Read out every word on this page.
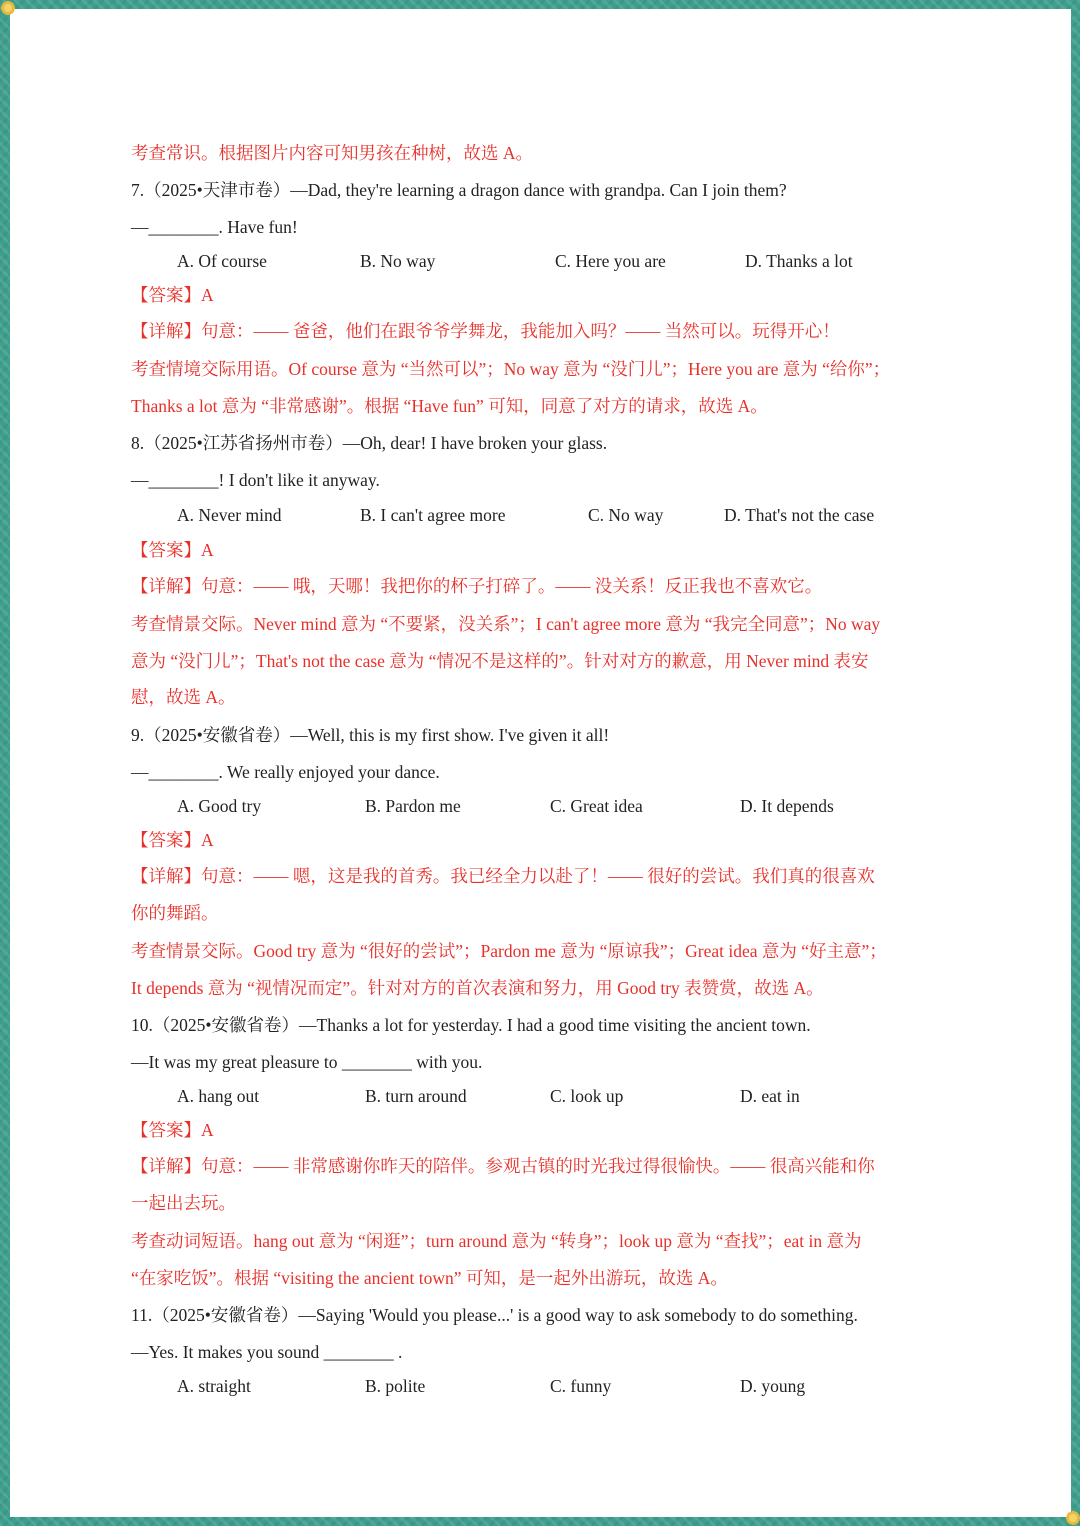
考查常识。根据图片内容可知男孩在种树，故选 A。
7.（2025•天津市卷）—Dad, they're learning a dragon dance with grandpa. Can I join them?
—________. Have fun!
A. Of course	B. No way	C. Here you are	D. Thanks a lot
【答案】A
【详解】句意：—— 爸爸，他们在跟爷爷学舞龙，我能加入吗？—— 当然可以。玩得开心！
考查情境交际用语。Of course 意为 “当然可以”；No way 意为 “没门儿”；Here you are 意为 “给你”；
Thanks a lot 意为 “非常感谢”。根据 “Have fun” 可知，同意了对方的请求，故选 A。
8.（2025•江苏省扬州市卷）—Oh, dear! I have broken your glass.
—________! I don't like it anyway.
A. Never mind	B. I can't agree more	C. No way	D. That's not the case
【答案】A
【详解】句意：—— 哦，天哪！我把你的杯子打碎了。—— 没关系！反正我也不喜欢它。
考查情景交际。Never mind 意为 “不要紧，没关系”；I can't agree more 意为 “我完全同意”；No way
意为 “没门儿”；That's not the case 意为 “情况不是这样的”。针对对方的歉意，用 Never mind 表安
慰，故选 A。
9.（2025•安徽省卷）—Well, this is my first show. I've given it all!
—________. We really enjoyed your dance.
A. Good try	B. Pardon me	C. Great idea	D. It depends
【答案】A
【详解】句意：—— 嗯，这是我的首秀。我已经全力以赴了！—— 很好的尝试。我们真的很喜欢
你的舞蹈。
考查情景交际。Good try 意为 “很好的尝试”；Pardon me 意为 “原谅我”；Great idea 意为 “好主意”；
It depends 意为 “视情况而定”。针对对方的首次表演和努力，用 Good try 表赞赏，故选 A。
10.（2025•安徽省卷）—Thanks a lot for yesterday. I had a good time visiting the ancient town.
—It was my great pleasure to ________ with you.
A. hang out	B. turn around	C. look up	D. eat in
【答案】A
【详解】句意：—— 非常感谢你昨天的陪伴。参观古镇的时光我过得很愉快。—— 很高兴能和你
一起出去玩。
考查动词短语。hang out 意为 “闲逛”；turn around 意为 “转身”；look up 意为 “查找”；eat in 意为
“在家吃饭”。根据 “visiting the ancient town” 可知，是一起外出游玩，故选 A。
11.（2025•安徽省卷）—Saying 'Would you please...' is a good way to ask somebody to do something.
—Yes. It makes you sound ________ .
A. straight	B. polite	C. funny	D. young
